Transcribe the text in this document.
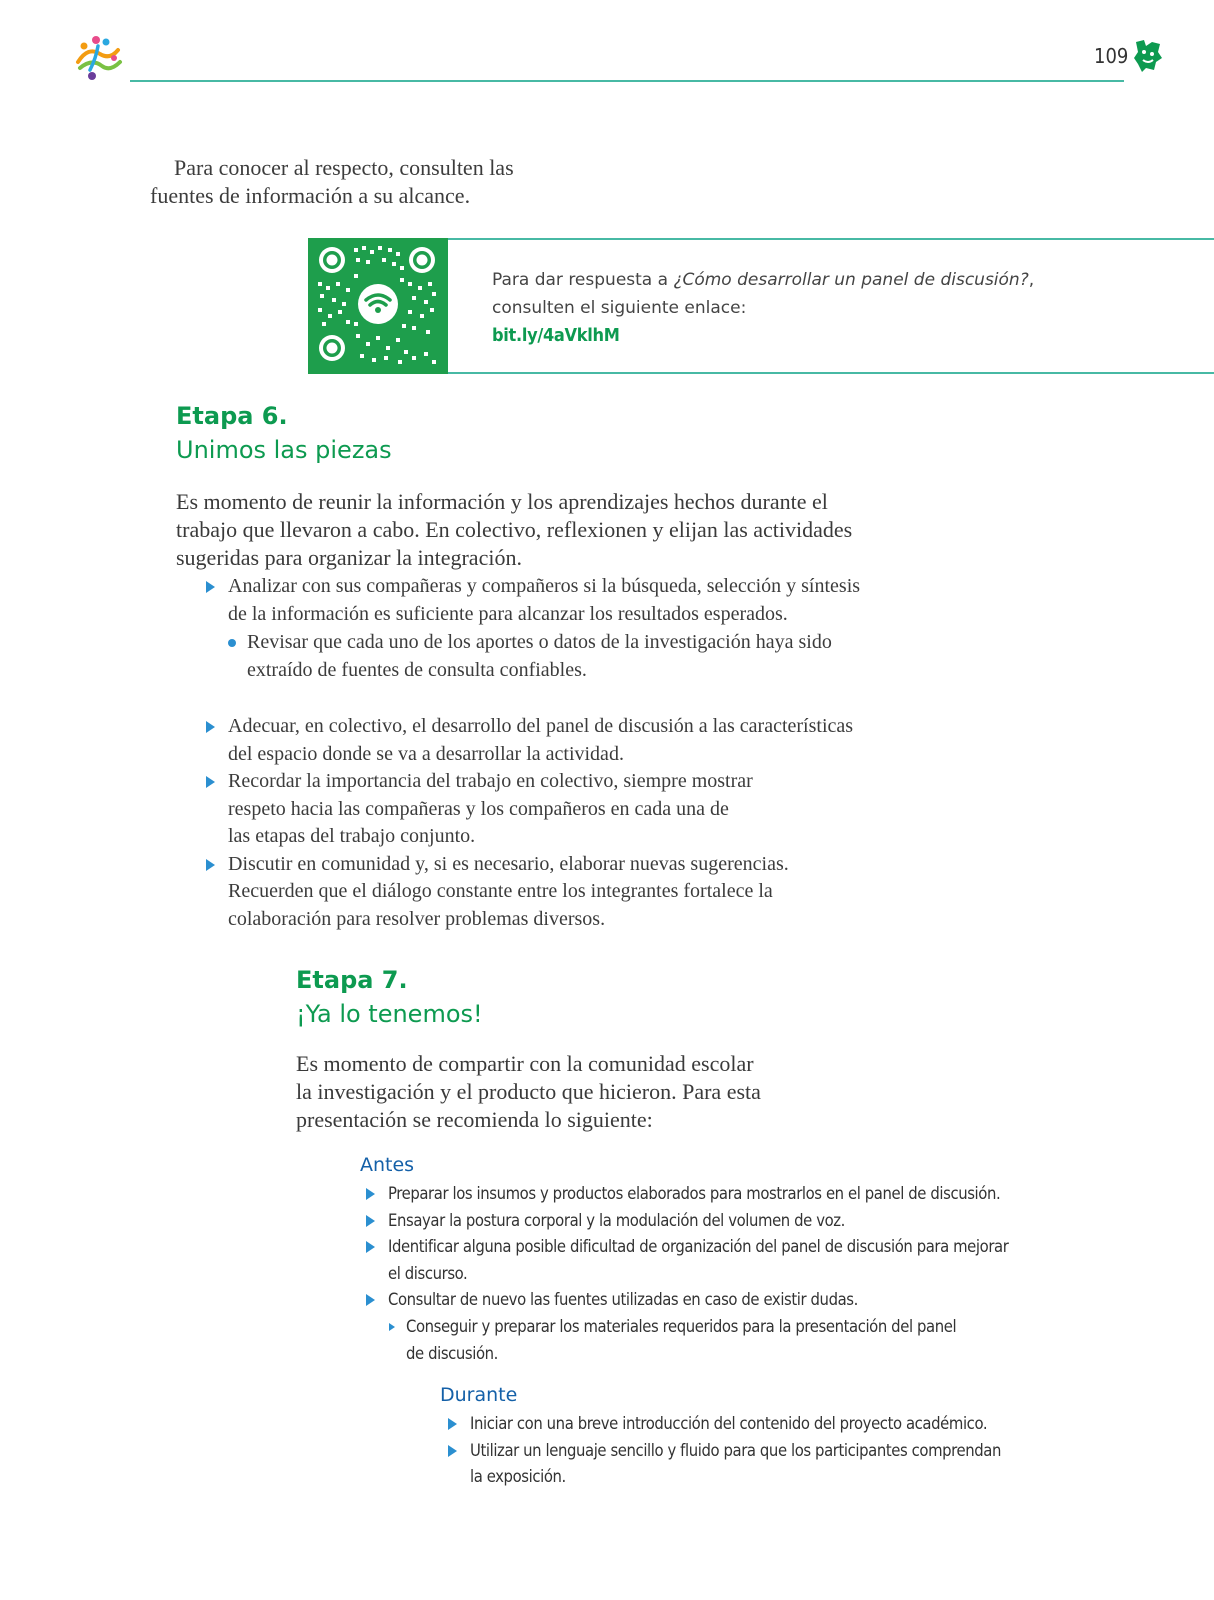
109
Para conocer al respecto, consulten las
fuentes de información a su alcance.
Para dar respuesta a ¿Cómo desarrollar un panel de discusión?,
consulten el siguiente enlace:
bit.ly/4aVklhM
Etapa 6.
Unimos las piezas
Es momento de reunir la información y los aprendizajes hechos durante el
trabajo que llevaron a cabo. En colectivo, reflexionen y elijan las actividades
sugeridas para organizar la integración.
Analizar con sus compañeras y compañeros si la búsqueda, selección y síntesis
de la información es suficiente para alcanzar los resultados esperados.
Revisar que cada uno de los aportes o datos de la investigación haya sido
extraído de fuentes de consulta confiables.
Adecuar, en colectivo, el desarrollo del panel de discusión a las características
del espacio donde se va a desarrollar la actividad.
Recordar la importancia del trabajo en colectivo, siempre mostrar
respeto hacia las compañeras y los compañeros en cada una de
las etapas del trabajo conjunto.
Discutir en comunidad y, si es necesario, elaborar nuevas sugerencias.
Recuerden que el diálogo constante entre los integrantes fortalece la
colaboración para resolver problemas diversos.
Etapa 7.
¡Ya lo tenemos!
Es momento de compartir con la comunidad escolar
la investigación y el producto que hicieron. Para esta
presentación se recomienda lo siguiente:
Antes
Preparar los insumos y productos elaborados para mostrarlos en el panel de discusión.
Ensayar la postura corporal y la modulación del volumen de voz.
Identificar alguna posible dificultad de organización del panel de discusión para mejorar
el discurso.
Consultar de nuevo las fuentes utilizadas en caso de existir dudas.
Conseguir y preparar los materiales requeridos para la presentación del panel
de discusión.
Durante
Iniciar con una breve introducción del contenido del proyecto académico.
Utilizar un lenguaje sencillo y fluido para que los participantes comprendan
la exposición.
